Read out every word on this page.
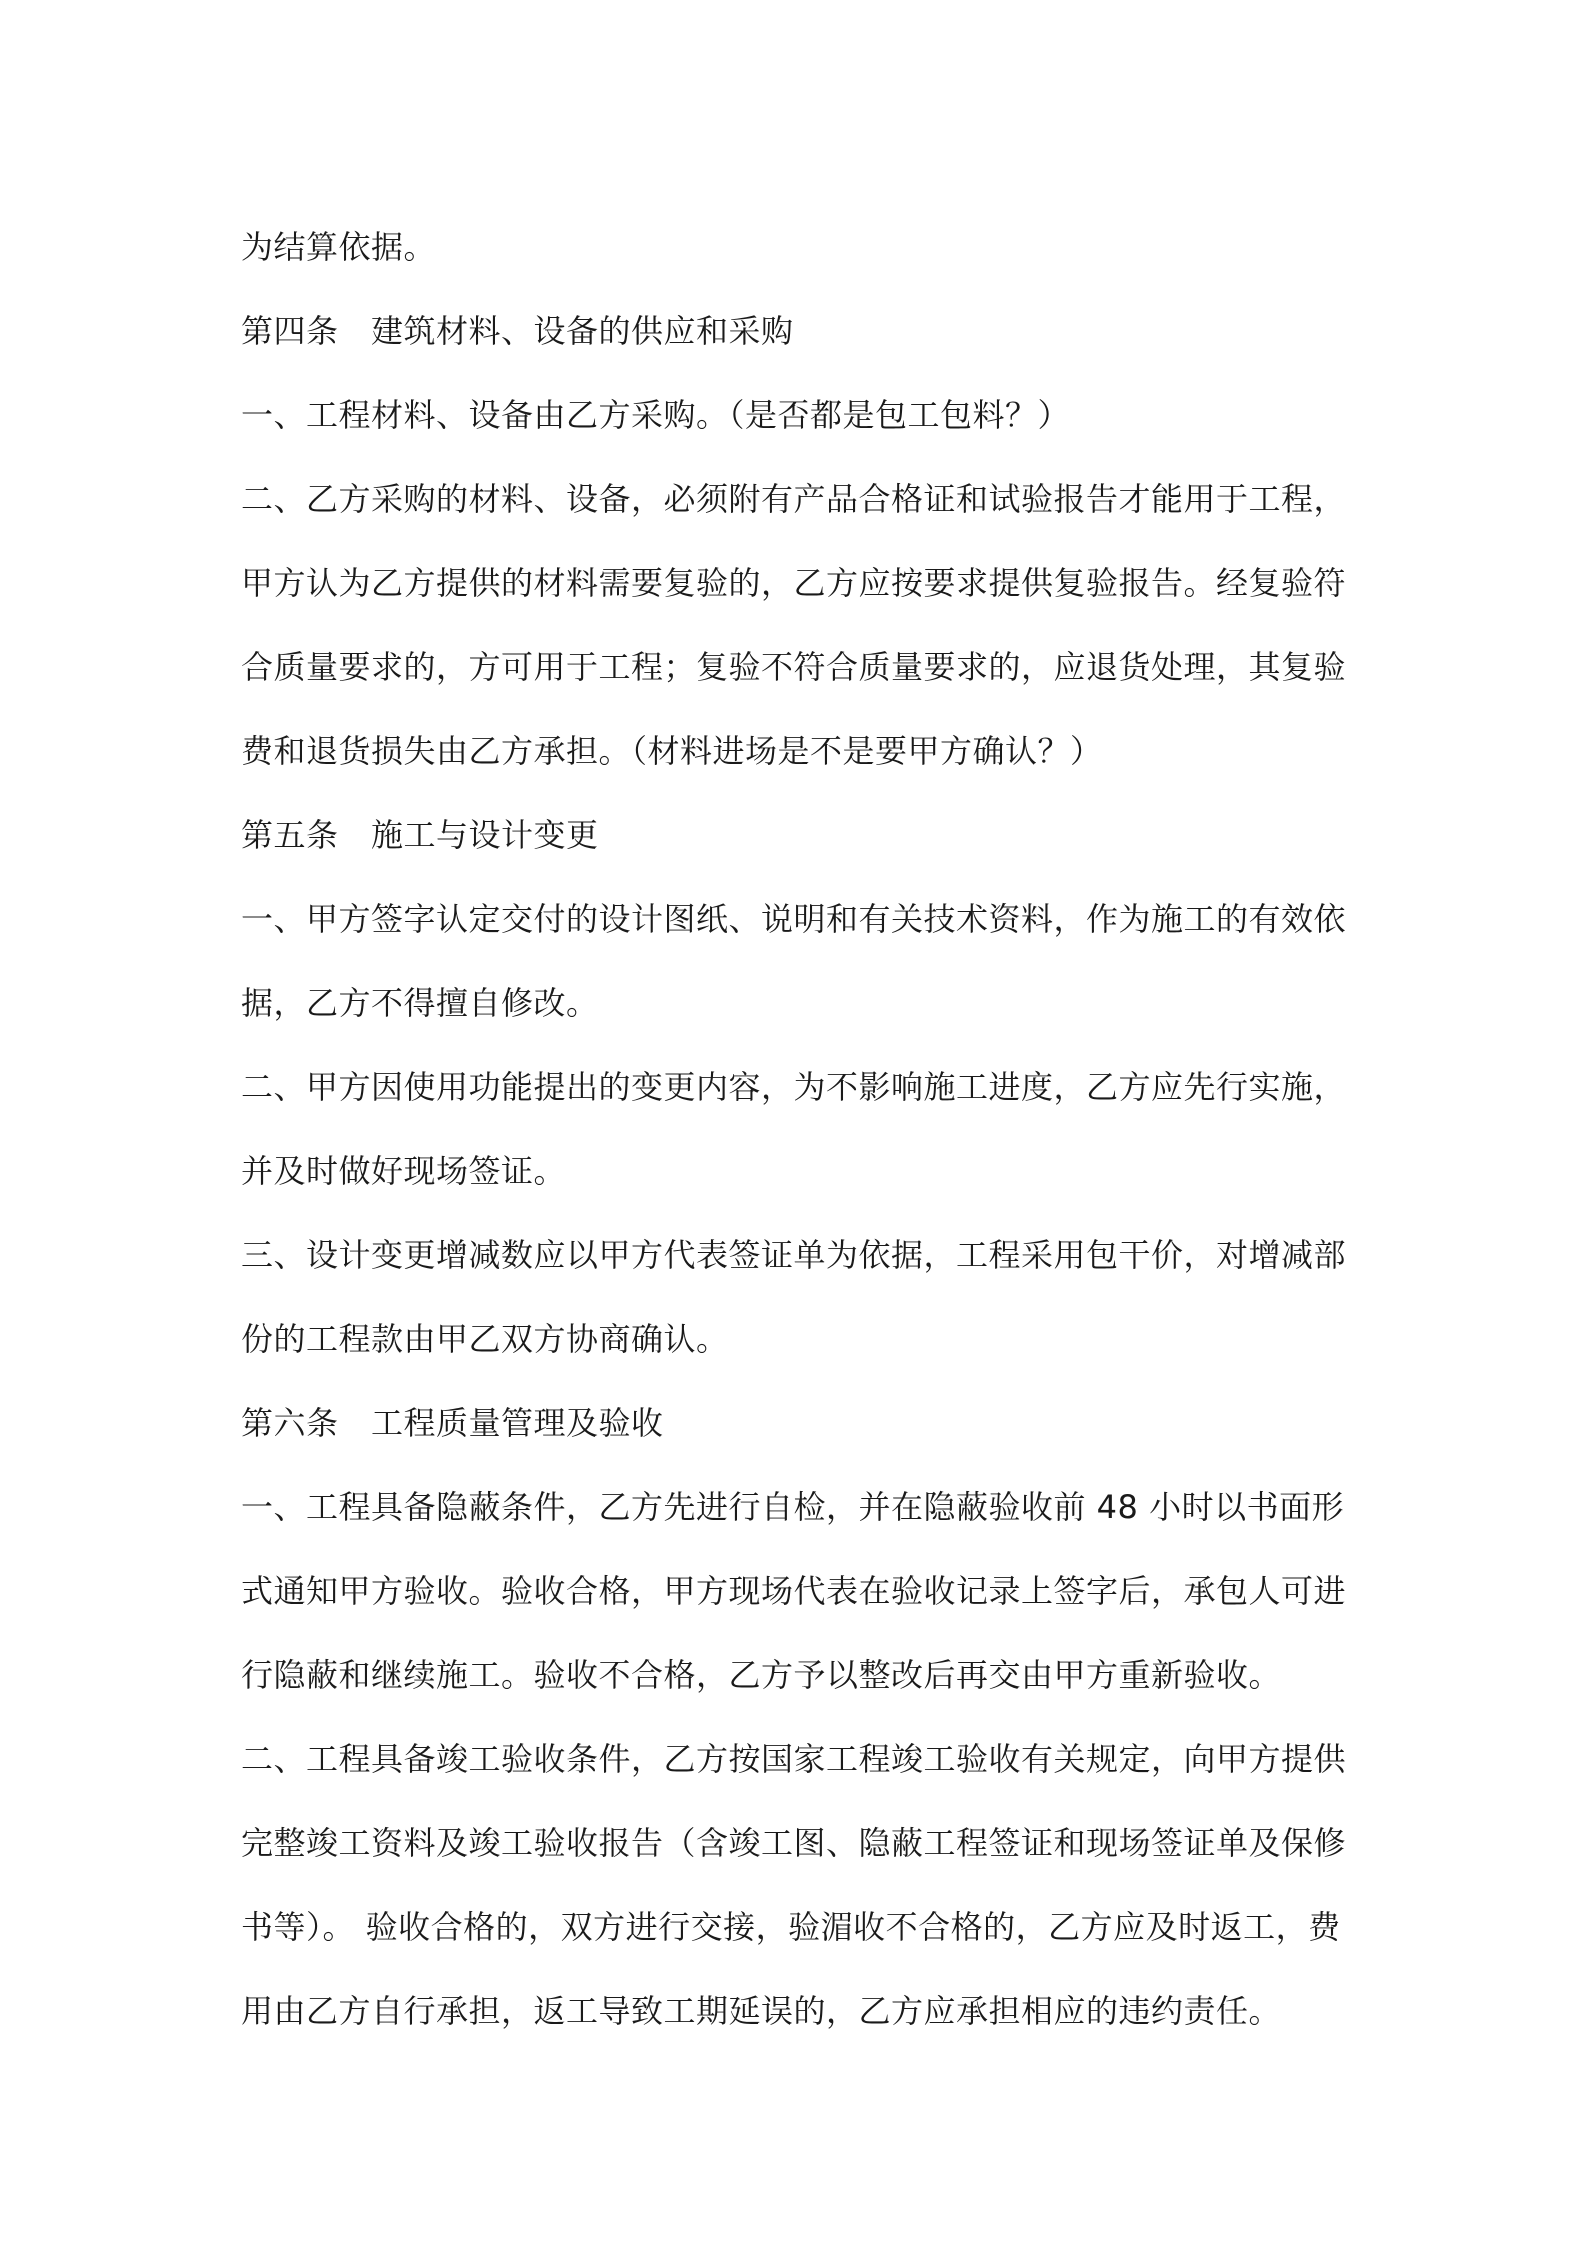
为结算依据。
第四条　建筑材料、设备的供应和采购
一、工程材料、设备由乙方采购。（是否都是包工包料？）
二、乙方采购的材料、设备，必须附有产品合格证和试验报告才能用于工程，
甲方认为乙方提供的材料需要复验的，乙方应按要求提供复验报告。经复验符
合质量要求的，方可用于工程；复验不符合质量要求的，应退货处理，其复验
费和退货损失由乙方承担。（材料进场是不是要甲方确认？）
第五条　施工与设计变更
一、甲方签字认定交付的设计图纸、说明和有关技术资料，作为施工的有效依
据，乙方不得擅自修改。
二、甲方因使用功能提出的变更内容，为不影响施工进度，乙方应先行实施，
并及时做好现场签证。
三、设计变更增减数应以甲方代表签证单为依据，工程采用包干价，对增减部
份的工程款由甲乙双方协商确认。
第六条　工程质量管理及验收
一、工程具备隐蔽条件，乙方先进行自检，并在隐蔽验收前 48 小时以书面形
式通知甲方验收。验收合格，甲方现场代表在验收记录上签字后，承包人可进
行隐蔽和继续施工。验收不合格，乙方予以整改后再交由甲方重新验收。
二、工程具备竣工验收条件，乙方按国家工程竣工验收有关规定，向甲方提供
完整竣工资料及竣工验收报告（含竣工图、隐蔽工程签证和现场签证单及保修
书等）。 验收合格的，双方进行交接，验湄收不合格的，乙方应及时返工，费
用由乙方自行承担，返工导致工期延误的，乙方应承担相应的违约责任。
